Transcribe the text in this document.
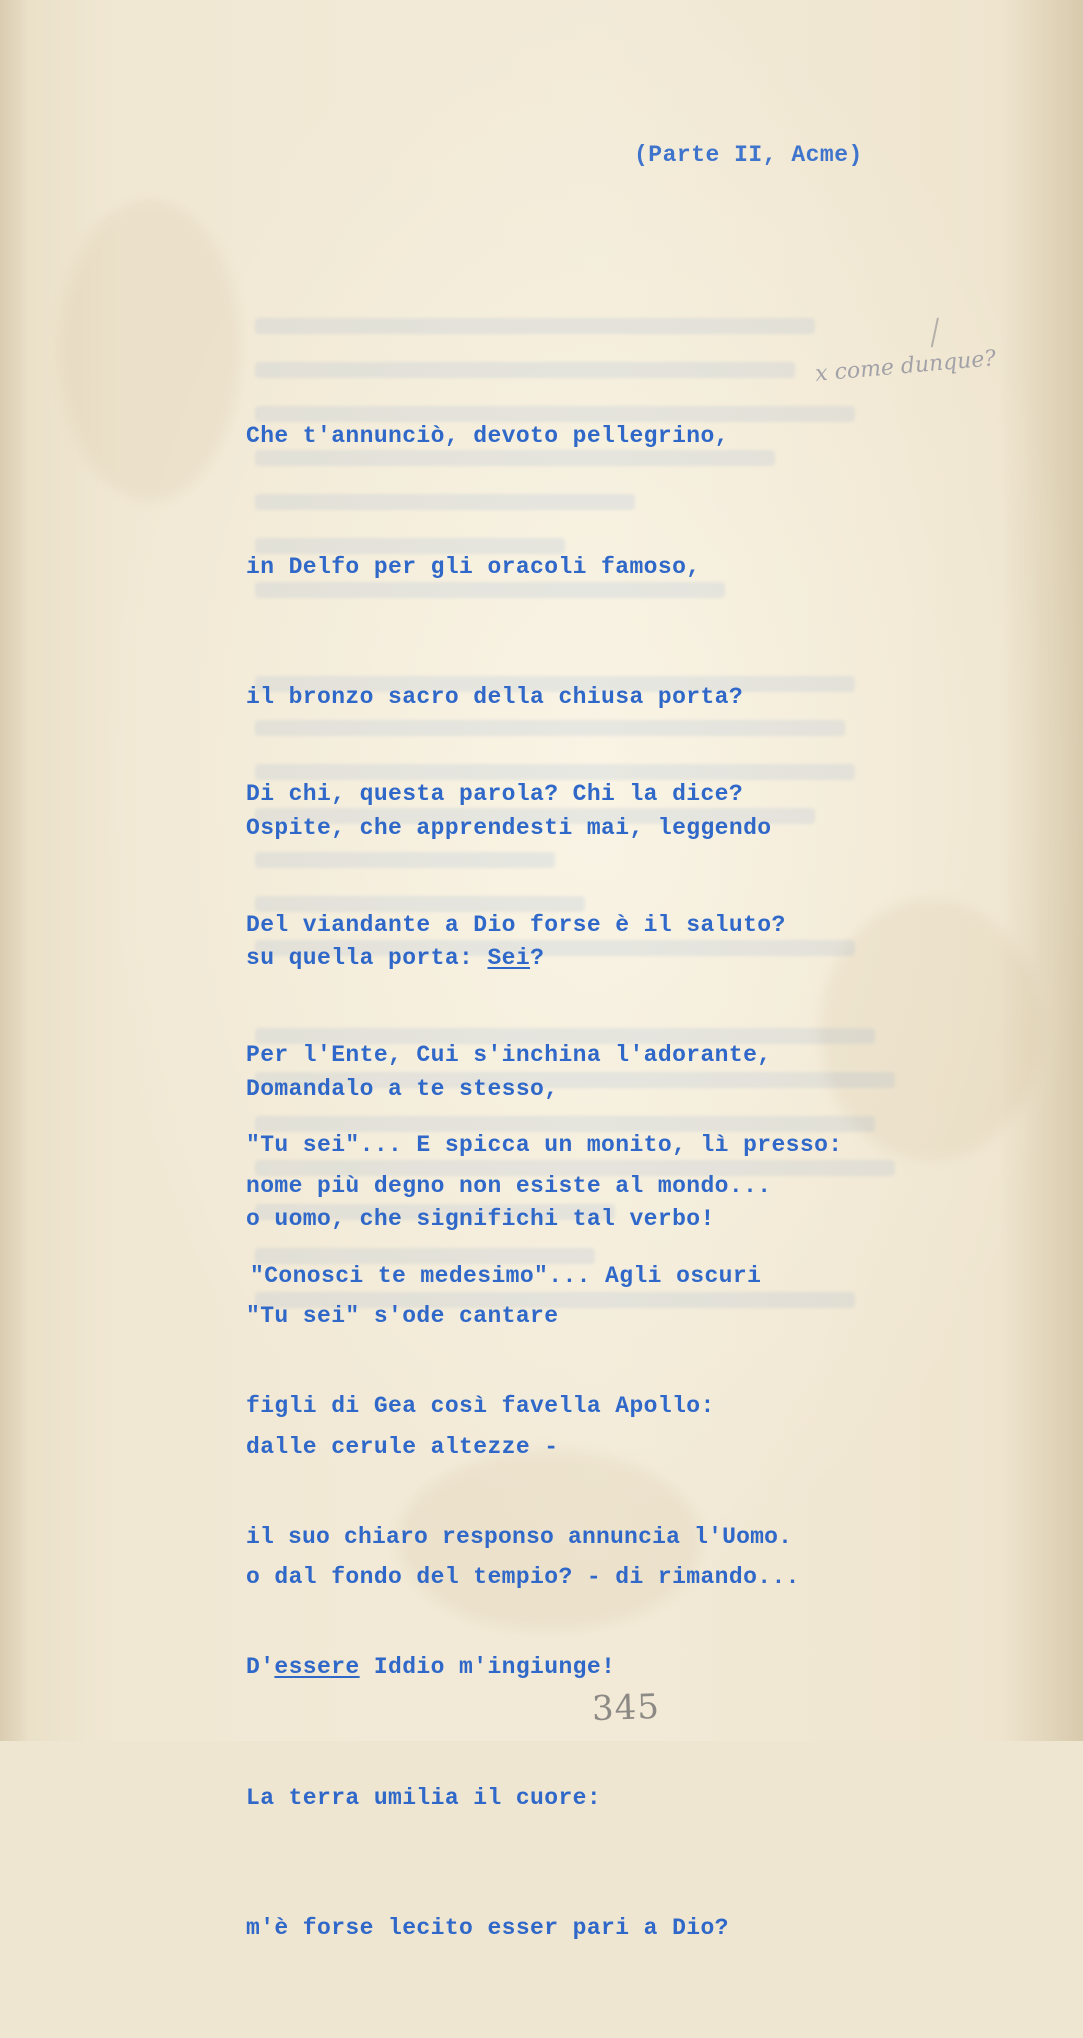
x come dunque?
(Parte II, Acme)

Che t'annunciò, devoto pellegrino,

in Delfo per gli oracoli famoso,

il bronzo sacro della chiusa porta?

Ospite, che apprendesti mai, leggendo

su quella porta: Sei?

Domandalo a te stesso,

o uomo, che significhi tal verbo!

Di chi, questa parola? Chi la dice?

Del viandante a Dio forse è il saluto?

Per l'Ente, Cui s'inchina l'adorante,

nome più degno non esiste al mondo...

"Tu sei" s'ode cantare

dalle cerule altezze -

o dal fondo del tempio? - di rimando...

"Tu sei"... E spicca un monito, lì presso:

"Conosci te medesimo"... Agli oscuri

figli di Gea così favella Apollo:

il suo chiaro responso annuncia l'Uomo.

D'essere Iddio m'ingiunge!

La terra umilia il cuore:

m'è forse lecito esser pari a Dio?

345
